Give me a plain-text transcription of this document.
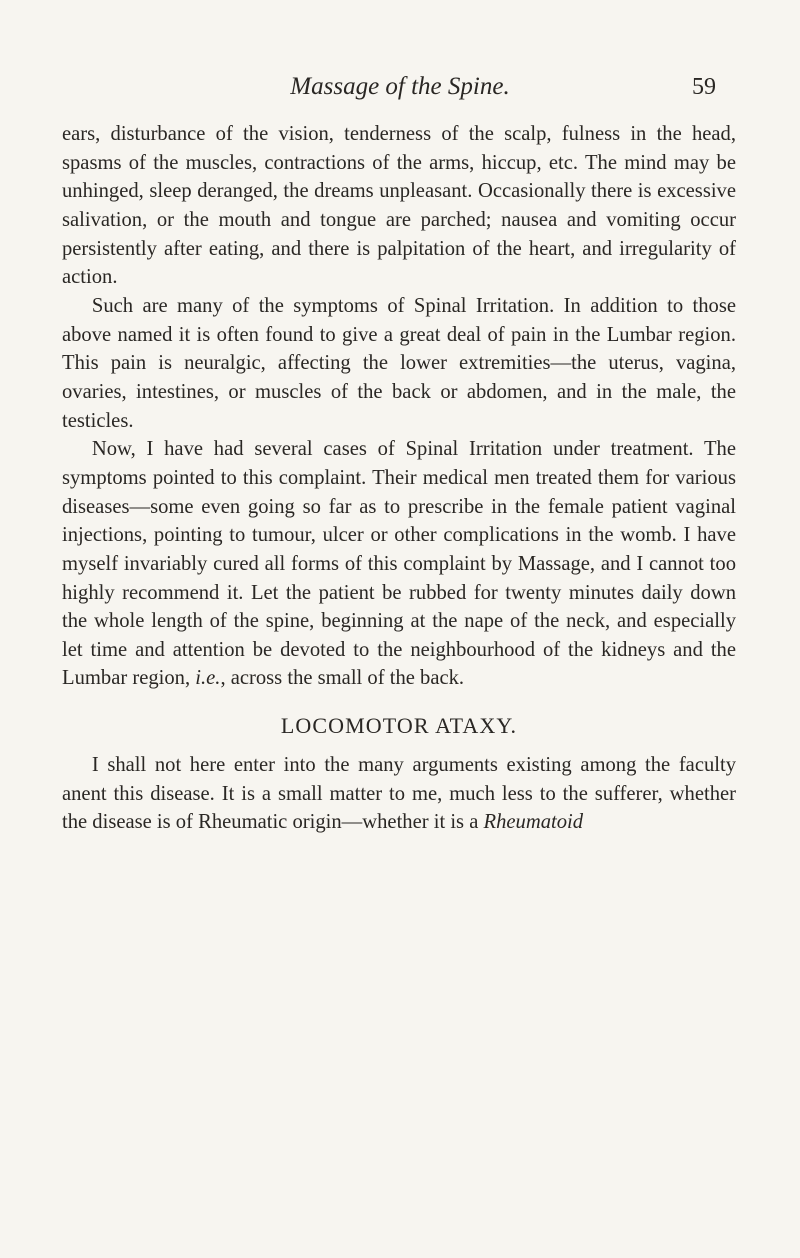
Massage of the Spine.	59

ears, disturbance of the vision, tenderness of the scalp, fulness in the head, spasms of the muscles, contractions of the arms, hiccup, etc. The mind may be unhinged, sleep deranged, the dreams unpleasant. Occasionally there is excessive salivation, or the mouth and tongue are parched; nausea and vomiting occur persistently after eating, and there is palpitation of the heart, and irregularity of action.

Such are many of the symptoms of Spinal Irritation. In addition to those above named it is often found to give a great deal of pain in the Lumbar region. This pain is neuralgic, affecting the lower extremities—the uterus, vagina, ovaries, intestines, or muscles of the back or abdomen, and in the male, the testicles.

Now, I have had several cases of Spinal Irritation under treatment. The symptoms pointed to this complaint. Their medical men treated them for various diseases—some even going so far as to prescribe in the female patient vaginal injections, pointing to tumour, ulcer or other complications in the womb. I have myself invariably cured all forms of this complaint by Massage, and I cannot too highly recommend it. Let the patient be rubbed for twenty minutes daily down the whole length of the spine, beginning at the nape of the neck, and especially let time and attention be devoted to the neighbourhood of the kidneys and the Lumbar region, i.e., across the small of the back.

LOCOMOTOR ATAXY.

I shall not here enter into the many arguments existing among the faculty anent this disease. It is a small matter to me, much less to the sufferer, whether the disease is of Rheumatic origin—whether it is a Rheumatoid
